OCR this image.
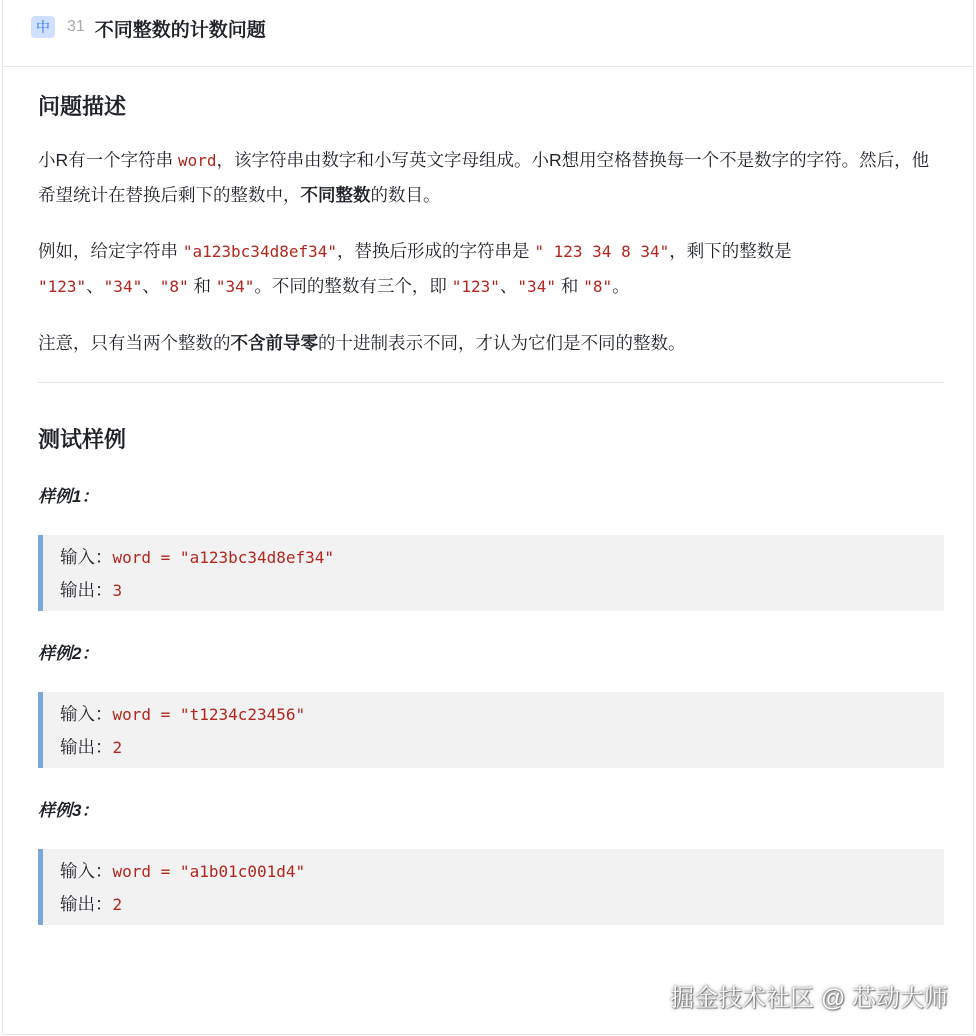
中	31 不同整数的计数问题
问题描述

小R有一个字符串 word，该字符串由数字和小写英文字母组成。小R想用空格替换每一个不是数字的字符。然后，他希望统计在替换后剩下的整数中，不同整数的数目。

例如，给定字符串 "a123bc34d8ef34"，替换后形成的字符串是 " 123 34 8 34"，剩下的整数是 "123"、"34"、"8" 和 "34"。不同的整数有三个，即 "123"、"34" 和 "8"。

注意，只有当两个整数的不含前导零的十进制表示不同，才认为它们是不同的整数。

测试样例

样例1：

输入：word = "a123bc34d8ef34"
输出：3

样例2：

输入：word = "t1234c23456"
输出：2

样例3：

输入：word = "a1b01c001d4"
输出：2
掘金技术社区 @ 芯动大师
